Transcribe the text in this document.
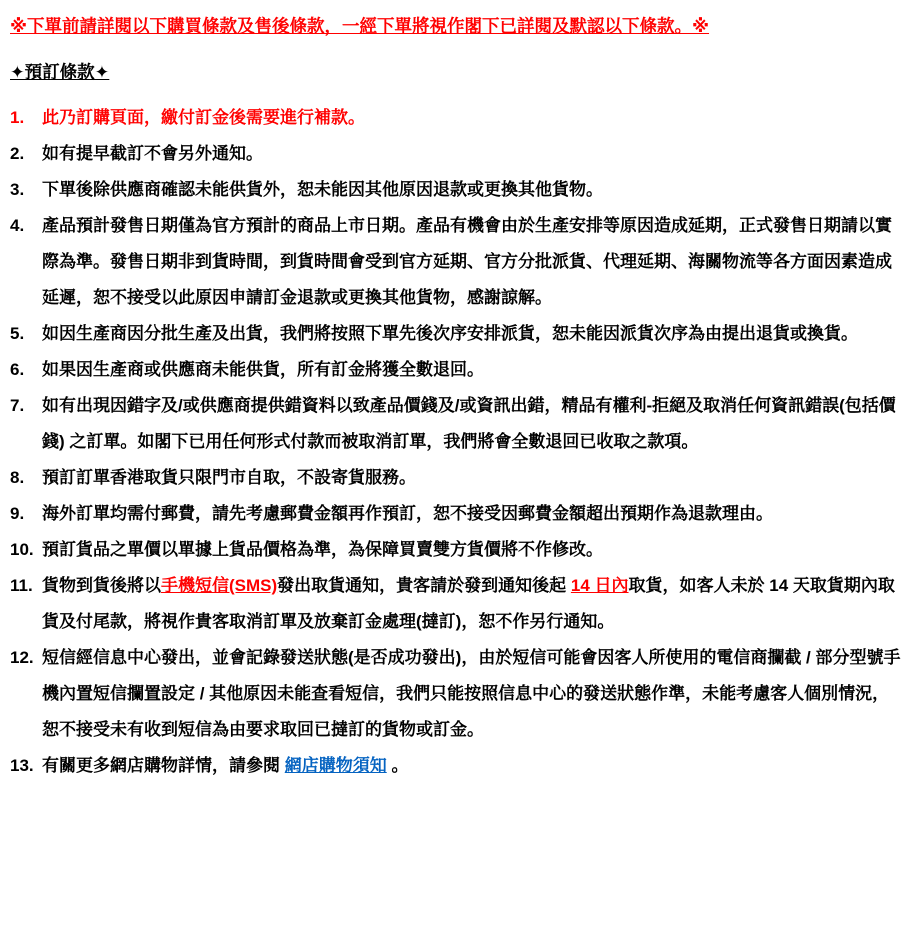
※下單前請詳閱以下購買條款及售後條款，一經下單將視作閣下已詳閱及默認以下條款。※

✦預訂條款✦
1.	此乃訂購頁面，繳付訂金後需要進行補款。
2.	如有提早截訂不會另外通知。
3.	下單後除供應商確認未能供貨外，恕未能因其他原因退款或更換其他貨物。
4.	產品預計發售日期僅為官方預計的商品上市日期。產品有機會由於生產安排等原因造成延期，正式發售日期請以實際為準。發售日期非到貨時間，到貨時間會受到官方延期、官方分批派貨、代理延期、海關物流等各方面因素造成延遲，恕不接受以此原因申請訂金退款或更換其他貨物，感謝諒解。
5.	如因生產商因分批生產及出貨，我們將按照下單先後次序安排派貨，恕未能因派貨次序為由提出退貨或換貨。
6.	如果因生產商或供應商未能供貨，所有訂金將獲全數退回。
7.	如有出現因錯字及/或供應商提供錯資料以致產品價錢及/或資訊出錯，精品有權利-拒絕及取消任何資訊錯誤(包括價錢) 之訂單。如閣下已用任何形式付款而被取消訂單，我們將會全數退回已收取之款項。
8.	預訂訂單香港取貨只限門市自取，不設寄貨服務。
9.	海外訂單均需付郵費，請先考慮郵費金額再作預訂，恕不接受因郵費金額超出預期作為退款理由。
10. 預訂貨品之單價以單據上貨品價格為準，為保障買賣雙方貨價將不作修改。
11. 貨物到貨後將以手機短信(SMS)發出取貨通知，貴客請於發到通知後起 14 日內取貨，如客人未於 14 天取貨期內取貨及付尾款，將視作貴客取消訂單及放棄訂金處理(撻訂)，恕不作另行通知。
12. 短信經信息中心發出，並會記錄發送狀態(是否成功發出)，由於短信可能會因客人所使用的電信商攔截 / 部分型號手機內置短信攔置設定 / 其他原因未能查看短信，我們只能按照信息中心的發送狀態作準，未能考慮客人個別情況，恕不接受未有收到短信為由要求取回已撻訂的貨物或訂金。
13. 有關更多網店購物詳情，請參閱 網店購物須知 。
